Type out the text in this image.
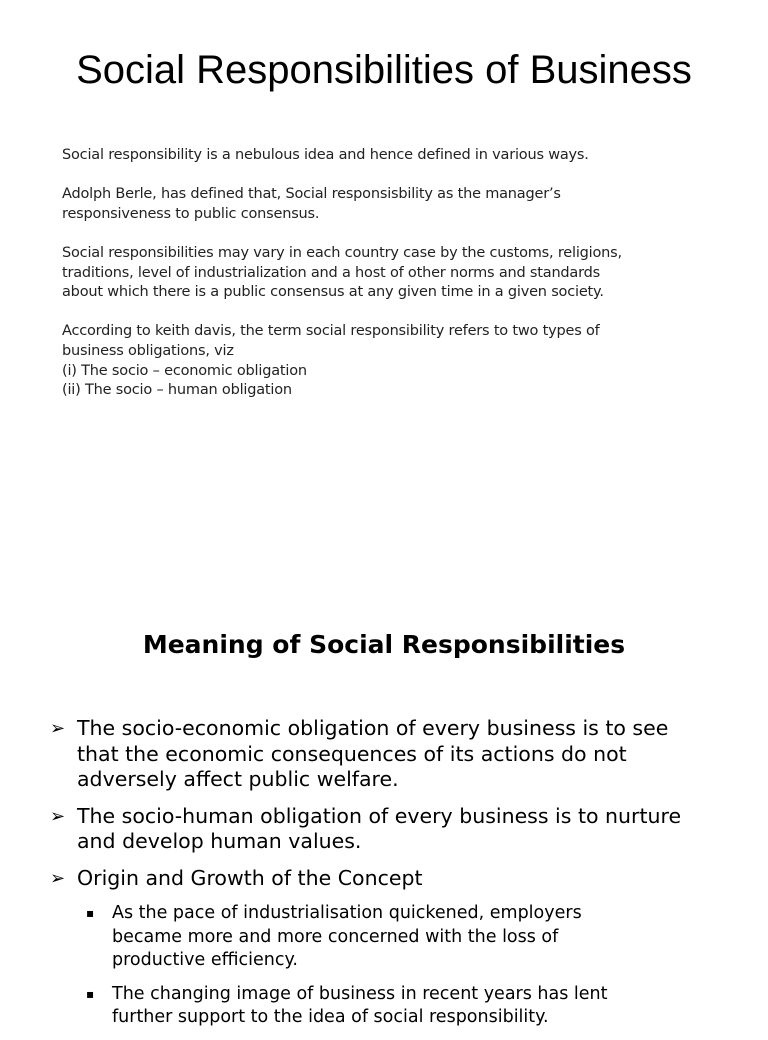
Social Responsibilities of Business

Social responsibility is a nebulous idea and hence defined in various ways.

Adolph Berle, has defined that, Social responsisbility as the manager’s
responsiveness to public consensus.

Social responsibilities may vary in each country case by the customs, religions,
traditions, level of industrialization and a host of other norms and standards
about which there is a public consensus at any given time in a given society.

According to keith davis, the term social responsibility refers to two types of
business obligations, viz
(i) The socio – economic obligation
(ii) The socio – human obligation

Meaning of Social Responsibilities
➢ The socio-economic obligation of every business is to see
that the economic consequences of its actions do not
adversely affect public welfare.
➢ The socio-human obligation of every business is to nurture
and develop human values.
➢ Origin and Growth of the Concept
▪ As the pace of industrialisation quickened, employers
became more and more concerned with the loss of
productive efficiency.
▪ The changing image of business in recent years has lent
further support to the idea of social responsibility.
